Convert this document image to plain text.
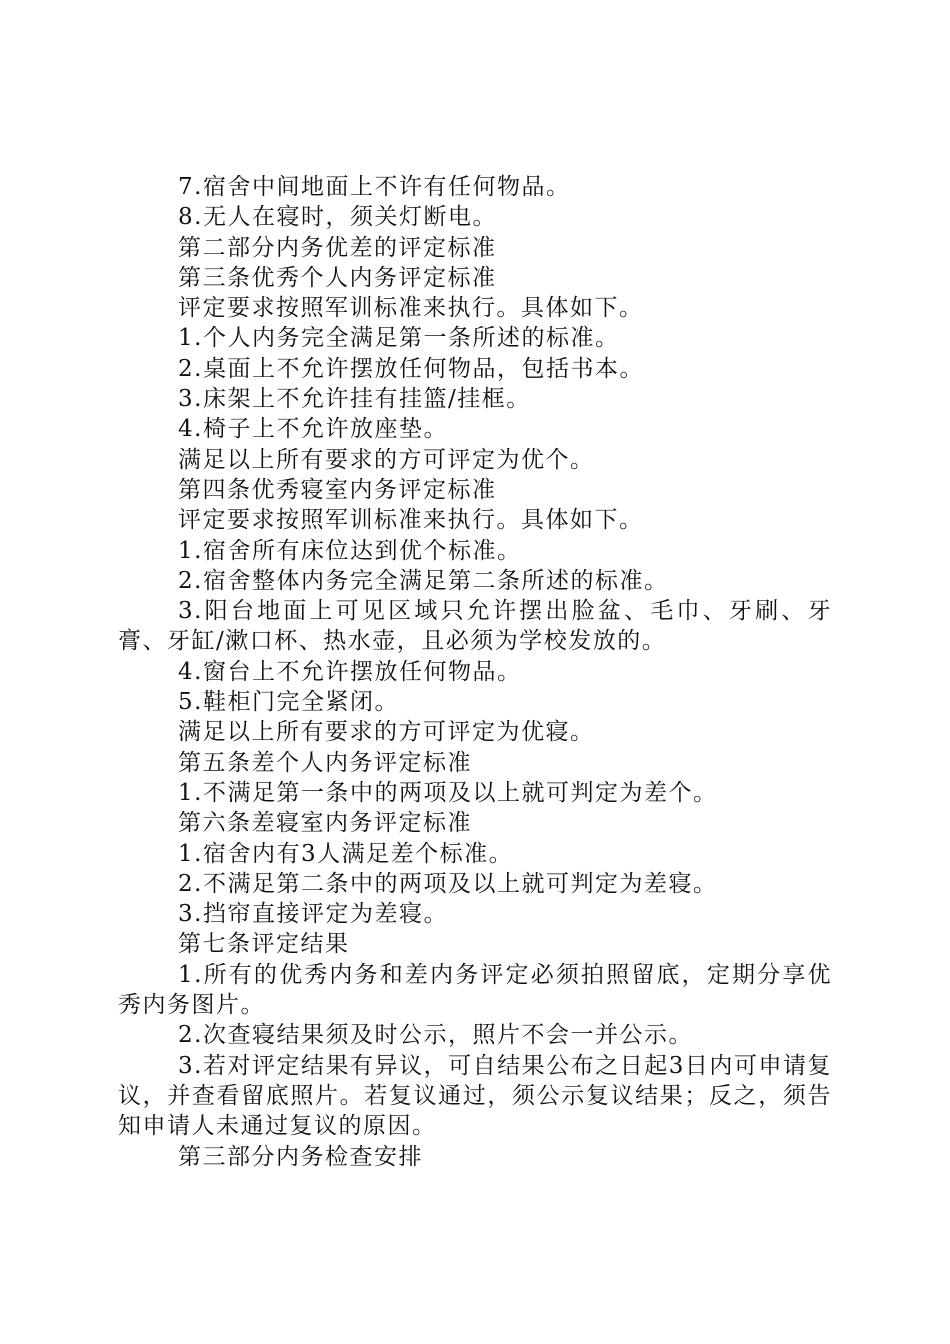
7.宿舍中间地面上不许有任何物品。

8.无人在寝时，须关灯断电。

第二部分内务优差的评定标准

第三条优秀个人内务评定标准

评定要求按照军训标准来执行。具体如下。

1.个人内务完全满足第一条所述的标准。

2.桌面上不允许摆放任何物品，包括书本。

3.床架上不允许挂有挂篮/挂框。

4.椅子上不允许放座垫。

满足以上所有要求的方可评定为优个。

第四条优秀寝室内务评定标准

评定要求按照军训标准来执行。具体如下。

1.宿舍所有床位达到优个标准。

2.宿舍整体内务完全满足第二条所述的标准。

3.阳台地面上可见区域只允许摆出脸盆、毛巾、牙刷、牙膏、牙缸/漱口杯、热水壶，且必须为学校发放的。

4.窗台上不允许摆放任何物品。

5.鞋柜门完全紧闭。

满足以上所有要求的方可评定为优寝。

第五条差个人内务评定标准

1.不满足第一条中的两项及以上就可判定为差个。

第六条差寝室内务评定标准

1.宿舍内有3人满足差个标准。

2.不满足第二条中的两项及以上就可判定为差寝。

3.挡帘直接评定为差寝。

第七条评定结果

1.所有的优秀内务和差内务评定必须拍照留底，定期分享优秀内务图片。

2.次查寝结果须及时公示，照片不会一并公示。

3.若对评定结果有异议，可自结果公布之日起3日内可申请复议，并查看留底照片。若复议通过，须公示复议结果；反之，须告知申请人未通过复议的原因。

第三部分内务检查安排
